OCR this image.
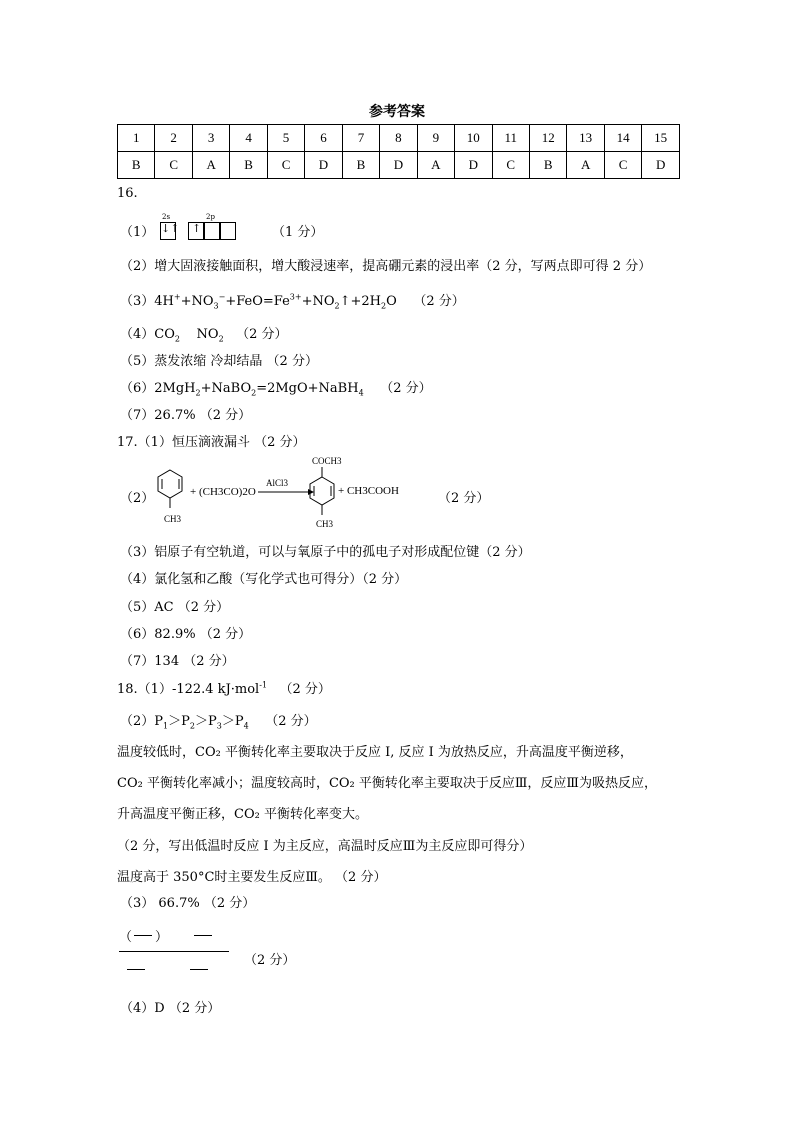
参考答案
1	2	3	4	5	6	7	8	9	10	11	12	13	14	15
B	C	A	B	C	D	B	D	A	D	C	B	A	C	D
16.
（1）
2s	2p
↓↑ ↑	（1 分）
（2）增大固液接触面积，增大酸浸速率，提高硼元素的浸出率（2 分，写两点即可得 2 分）
$(3)4H^++NO_3^-+FeO=Fe^{3+}+NO_2↑+2H_2O$ （2 分）
$(4)CO_2$ $NO_2$ （2 分）
（5）蒸发浓缩 冷却结晶 （2 分）
（6）2MgH$_2$+NaBO$_2$=2MgO+NaBH$_4$ （2 分）
（7）26.7% （2 分）
17.（1）恒压滴液漏斗 （2 分）
（2）
CH3
+ (CH3CO)2O
AlCl3
COCH3
CH3
+ CH3COOH	（2 分）
（3）铝原子有空轨道，可以与氧原子中的孤电子对形成配位键（2 分）
（4）氯化氢和乙酸（写化学式也可得分）（2 分）
（5）AC （2 分）
（6）82.9% （2 分）
（7）134 （2 分）
18.（1）-122.4 kJ·mol$^{-1}$ （2 分）
$(2)P_1>P_2>P_3>P_4$ （2 分）
温度较低时，CO₂ 平衡转化率主要取决于反应 I, 反应 I 为放热反应，升高温度平衡逆移，
CO₂ 平衡转化率减小；温度较高时，CO₂ 平衡转化率主要取决于反应Ⅲ，反应Ⅲ为吸热反应，
升高温度平衡正移，CO₂ 平衡转化率变大。
（2 分，写出低温时反应 I 为主反应，高温时反应Ⅲ为主反应即可得分）
温度高于 350°C时主要发生反应Ⅲ。 （2 分）
（3） 66.7% （2 分）
（ ）
（2 分）
（4）D （2 分）
